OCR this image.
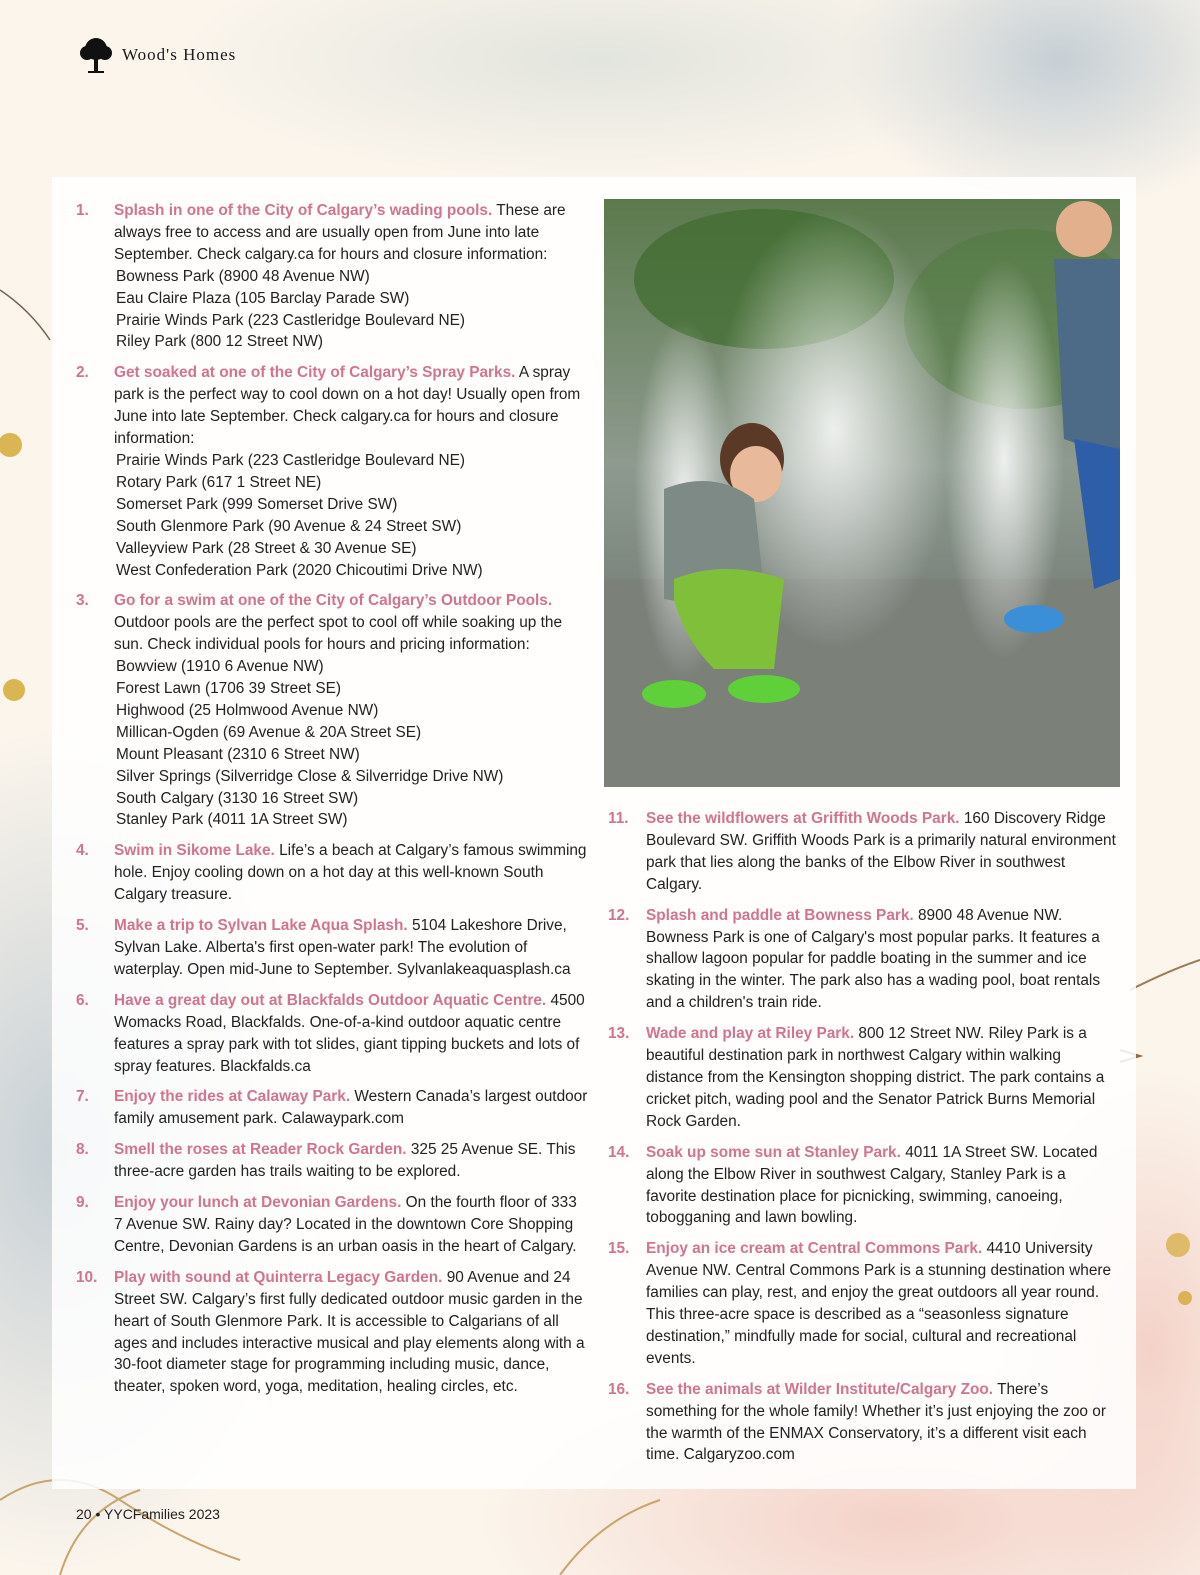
Wood's Homes
1.	Splash in one of the City of Calgary’s wading pools. These are always free to access and are usually open from June into late September. Check calgary.ca for hours and closure information:
Bowness Park (8900 48 Avenue NW)
Eau Claire Plaza (105 Barclay Parade SW)
Prairie Winds Park (223 Castleridge Boulevard NE)
Riley Park (800 12 Street NW)
2.	Get soaked at one of the City of Calgary’s Spray Parks. A spray park is the perfect way to cool down on a hot day! Usually open from June into late September. Check calgary.ca for hours and closure information:
Prairie Winds Park (223 Castleridge Boulevard NE)
Rotary Park (617 1 Street NE)
Somerset Park (999 Somerset Drive SW)
South Glenmore Park (90 Avenue & 24 Street SW)
Valleyview Park (28 Street & 30 Avenue SE)
West Confederation Park (2020 Chicoutimi Drive NW)
3.	Go for a swim at one of the City of Calgary’s Outdoor Pools. Outdoor pools are the perfect spot to cool off while soaking up the sun. Check individual pools for hours and pricing information:
Bowview (1910 6 Avenue NW)
Forest Lawn (1706 39 Street SE)
Highwood (25 Holmwood Avenue NW)
Millican-Ogden (69 Avenue & 20A Street SE)
Mount Pleasant (2310 6 Street NW)
Silver Springs (Silverridge Close & Silverridge Drive NW)
South Calgary (3130 16 Street SW)
Stanley Park (4011 1A Street SW)
4.	Swim in Sikome Lake. Life’s a beach at Calgary’s famous swimming hole. Enjoy cooling down on a hot day at this well-known South Calgary treasure.
5.	Make a trip to Sylvan Lake Aqua Splash. 5104 Lakeshore Drive, Sylvan Lake. Alberta's first open-water park! The evolution of waterplay. Open mid-June to September. Sylvanlakeaquasplash.ca
6.	Have a great day out at Blackfalds Outdoor Aquatic Centre. 4500 Womacks Road, Blackfalds. One-of-a-kind outdoor aquatic centre features a spray park with tot slides, giant tipping buckets and lots of spray features. Blackfalds.ca
7.	Enjoy the rides at Calaway Park. Western Canada’s largest outdoor family amusement park. Calawaypark.com
8.	Smell the roses at Reader Rock Garden. 325 25 Avenue SE. This three-acre garden has trails waiting to be explored.
9.	Enjoy your lunch at Devonian Gardens. On the fourth floor of 333 7 Avenue SW. Rainy day? Located in the downtown Core Shopping Centre, Devonian Gardens is an urban oasis in the heart of Calgary.
10.	Play with sound at Quinterra Legacy Garden. 90 Avenue and 24 Street SW. Calgary’s first fully dedicated outdoor music garden in the heart of South Glenmore Park. It is accessible to Calgarians of all ages and includes interactive musical and play elements along with a 30-foot diameter stage for programming including music, dance, theater, spoken word, yoga, meditation, healing circles, etc.
11.	See the wildflowers at Griffith Woods Park. 160 Discovery Ridge Boulevard SW. Griffith Woods Park is a primarily natural environment park that lies along the banks of the Elbow River in southwest Calgary.
12.	Splash and paddle at Bowness Park. 8900 48 Avenue NW. Bowness Park is one of Calgary's most popular parks. It features a shallow lagoon popular for paddle boating in the summer and ice skating in the winter. The park also has a wading pool, boat rentals and a children's train ride.
13.	Wade and play at Riley Park. 800 12 Street NW. Riley Park is a beautiful destination park in northwest Calgary within walking distance from the Kensington shopping district. The park contains a cricket pitch, wading pool and the Senator Patrick Burns Memorial Rock Garden.
14.	Soak up some sun at Stanley Park. 4011 1A Street SW. Located along the Elbow River in southwest Calgary, Stanley Park is a favorite destination place for picnicking, swimming, canoeing, tobogganing and lawn bowling.
15.	Enjoy an ice cream at Central Commons Park. 4410 University Avenue NW. Central Commons Park is a stunning destination where families can play, rest, and enjoy the great outdoors all year round. This three-acre space is described as a “seasonless signature destination,” mindfully made for social, cultural and recreational events.
16.	See the animals at Wilder Institute/Calgary Zoo. There’s something for the whole family! Whether it’s just enjoying the zoo or the warmth of the ENMAX Conservatory, it’s a different visit each time. Calgaryzoo.com
20 • YYCFamilies 2023
